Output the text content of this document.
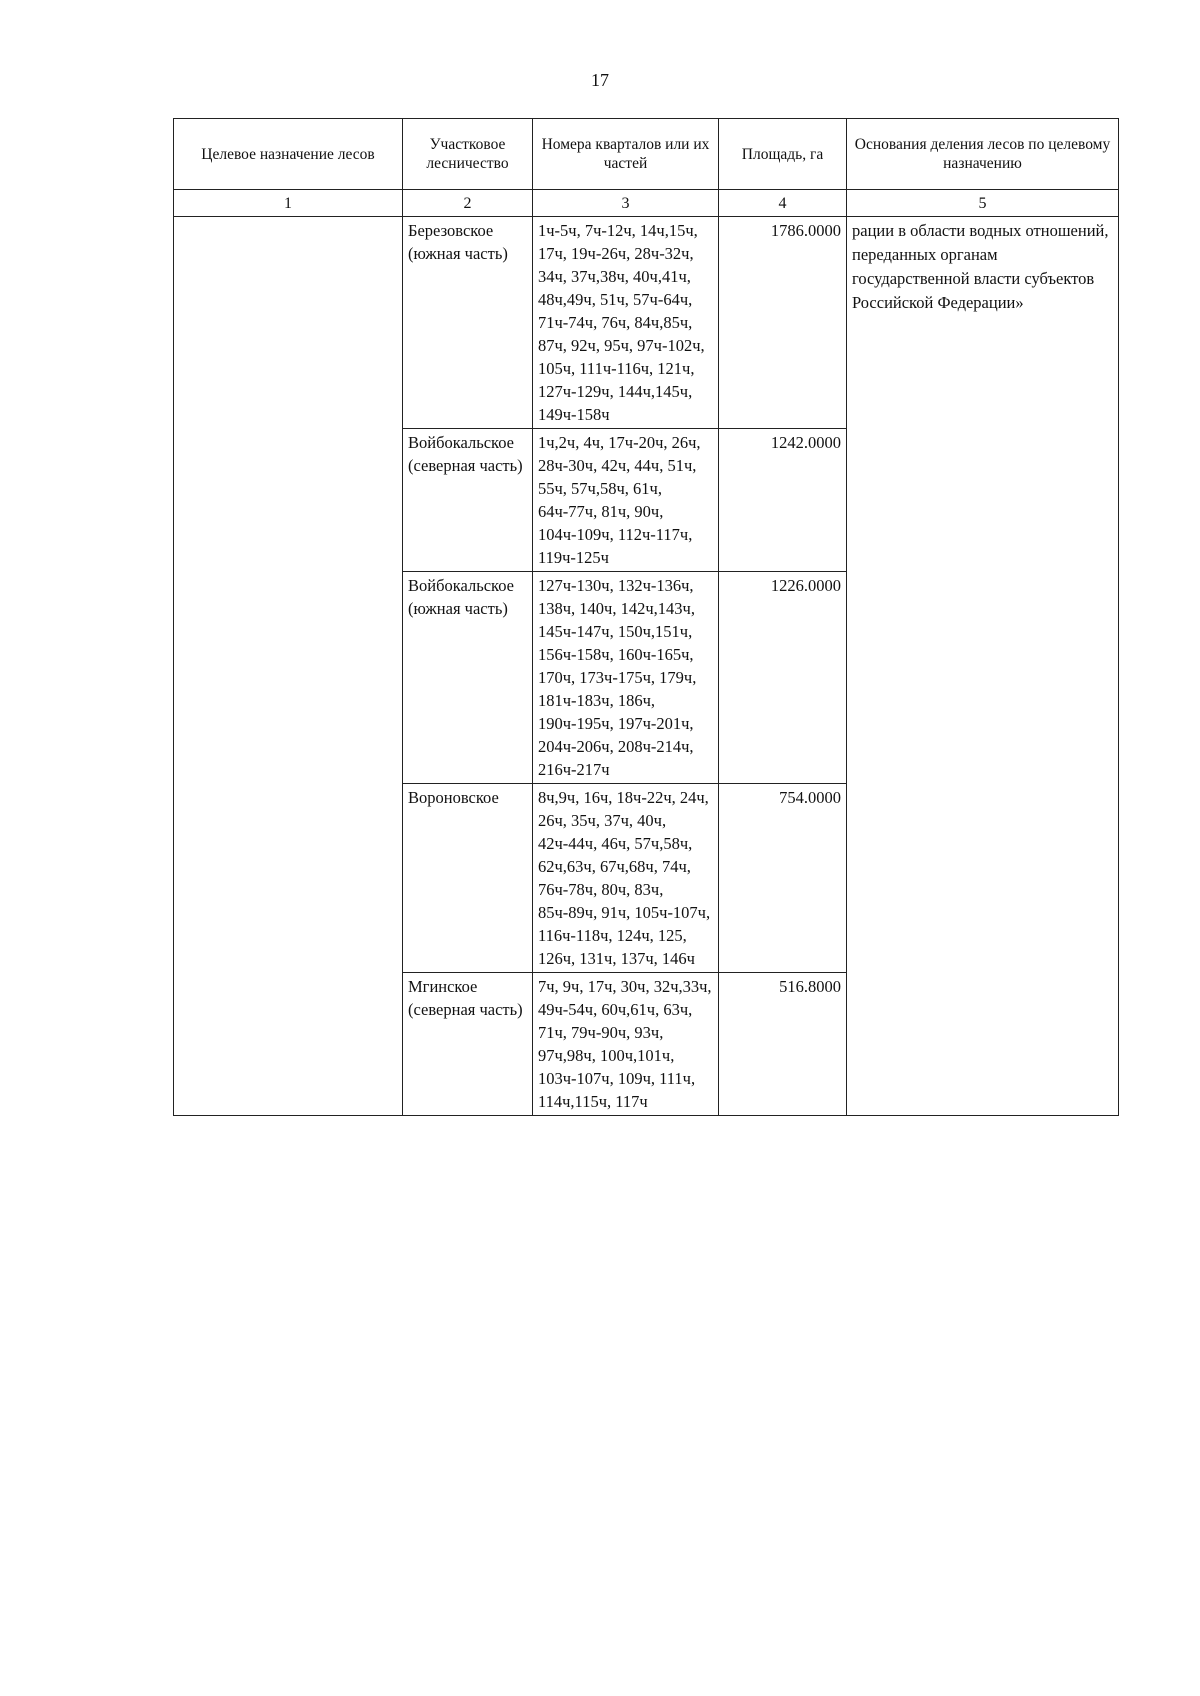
17
Целевое назначение лесов	Участковое лесничество	Номера кварталов или их частей	Площадь, га	Основания деления лесов по целевому назначению
1	2	3	4	5
	Березовское (южная часть)	1ч-5ч, 7ч-12ч, 14ч,15ч, 17ч, 19ч-26ч, 28ч-32ч, 34ч, 37ч,38ч, 40ч,41ч, 48ч,49ч, 51ч, 57ч-64ч, 71ч-74ч, 76ч, 84ч,85ч, 87ч, 92ч, 95ч, 97ч-102ч, 105ч, 111ч-116ч, 121ч, 127ч-129ч, 144ч,145ч, 149ч-158ч	1786.0000	рации в области водных отношений, переданных органам государственной власти субъектов Российской Федерации»
	Войбокальское (северная часть)	1ч,2ч, 4ч, 17ч-20ч, 26ч, 28ч-30ч, 42ч, 44ч, 51ч, 55ч, 57ч,58ч, 61ч, 64ч-77ч, 81ч, 90ч, 104ч-109ч, 112ч-117ч, 119ч-125ч	1242.0000	
	Войбокальское (южная часть)	127ч-130ч, 132ч-136ч, 138ч, 140ч, 142ч,143ч, 145ч-147ч, 150ч,151ч, 156ч-158ч, 160ч-165ч, 170ч, 173ч-175ч, 179ч, 181ч-183ч, 186ч, 190ч-195ч, 197ч-201ч, 204ч-206ч, 208ч-214ч, 216ч-217ч	1226.0000	
	Вороновское	8ч,9ч, 16ч, 18ч-22ч, 24ч, 26ч, 35ч, 37ч, 40ч, 42ч-44ч, 46ч, 57ч,58ч, 62ч,63ч, 67ч,68ч, 74ч, 76ч-78ч, 80ч, 83ч, 85ч-89ч, 91ч, 105ч-107ч, 116ч-118ч, 124ч, 125, 126ч, 131ч, 137ч, 146ч	754.0000	
	Мгинское (северная часть)	7ч, 9ч, 17ч, 30ч, 32ч,33ч, 49ч-54ч, 60ч,61ч, 63ч, 71ч, 79ч-90ч, 93ч, 97ч,98ч, 100ч,101ч, 103ч-107ч, 109ч, 111ч, 114ч,115ч, 117ч	516.8000	
